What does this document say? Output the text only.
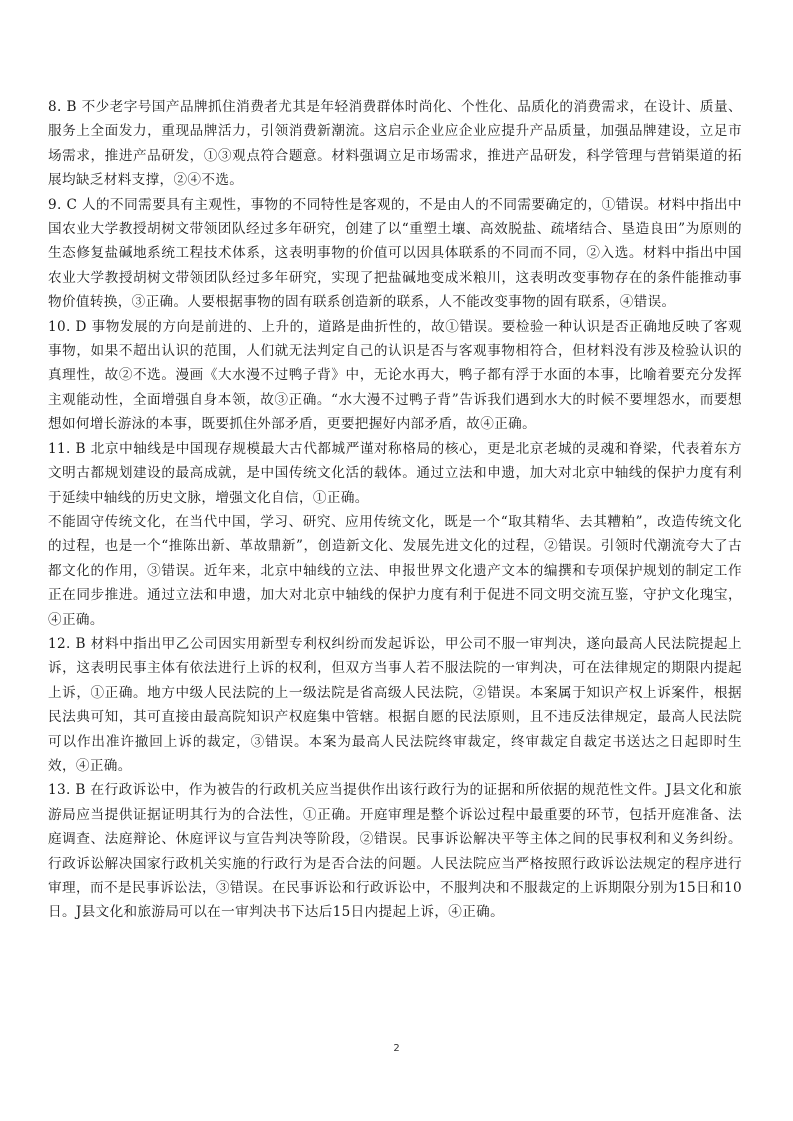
8. B 不少老字号国产品牌抓住消费者尤其是年轻消费群体时尚化、个性化、品质化的消费需求，在设计、质量、服务上全面发力，重现品牌活力，引领消费新潮流。这启示企业应企业应提升产品质量，加强品牌建设，立足市场需求，推进产品研发，①③观点符合题意。材料强调立足市场需求，推进产品研发，科学管理与营销渠道的拓展均缺乏材料支撑，②④不选。

9. C 人的不同需要具有主观性，事物的不同特性是客观的，不是由人的不同需要确定的，①错误。材料中指出中国农业大学教授胡树文带领团队经过多年研究，创建了以“重塑土壤、高效脱盐、疏堵结合、垦造良田”为原则的生态修复盐碱地系统工程技术体系，这表明事物的价值可以因具体联系的不同而不同，②入选。材料中指出中国农业大学教授胡树文带领团队经过多年研究，实现了把盐碱地变成米粮川，这表明改变事物存在的条件能推动事物价值转换，③正确。人要根据事物的固有联系创造新的联系，人不能改变事物的固有联系，④错误。

10. D 事物发展的方向是前进的、上升的，道路是曲折性的，故①错误。要检验一种认识是否正确地反映了客观事物，如果不超出认识的范围，人们就无法判定自己的认识是否与客观事物相符合，但材料没有涉及检验认识的真理性，故②不选。漫画《大水漫不过鸭子背》中，无论水再大，鸭子都有浮于水面的本事，比喻着要充分发挥主观能动性，全面增强自身本领，故③正确。“水大漫不过鸭子背”告诉我们遇到水大的时候不要埋怨水，而要想想如何增长游泳的本事，既要抓住外部矛盾，更要把握好内部矛盾，故④正确。

11. B 北京中轴线是中国现存规模最大古代都城严谨对称格局的核心，更是北京老城的灵魂和脊梁，代表着东方文明古都规划建设的最高成就，是中国传统文化活的载体。通过立法和申遗，加大对北京中轴线的保护力度有利于延续中轴线的历史文脉，增强文化自信，①正确。

不能固守传统文化，在当代中国，学习、研究、应用传统文化，既是一个“取其精华、去其糟粕”，改造传统文化的过程，也是一个“推陈出新、革故鼎新”，创造新文化、发展先进文化的过程，②错误。引领时代潮流夸大了古都文化的作用，③错误。近年来，北京中轴线的立法、申报世界文化遗产文本的编撰和专项保护规划的制定工作正在同步推进。通过立法和申遗，加大对北京中轴线的保护力度有利于促进不同文明交流互鉴，守护文化瑰宝，④正确。

12. B 材料中指出甲乙公司因实用新型专利权纠纷而发起诉讼，甲公司不服一审判决，遂向最高人民法院提起上诉，这表明民事主体有依法进行上诉的权利，但双方当事人若不服法院的一审判决，可在法律规定的期限内提起上诉，①正确。地方中级人民法院的上一级法院是省高级人民法院，②错误。本案属于知识产权上诉案件，根据民法典可知，其可直接由最高院知识产权庭集中管辖。根据自愿的民法原则，且不违反法律规定，最高人民法院可以作出准许撤回上诉的裁定，③错误。本案为最高人民法院终审裁定，终审裁定自裁定书送达之日起即时生效，④正确。

13. B 在行政诉讼中，作为被告的行政机关应当提供作出该行政行为的证据和所依据的规范性文件。J县文化和旅游局应当提供证据证明其行为的合法性，①正确。开庭审理是整个诉讼过程中最重要的环节，包括开庭准备、法庭调查、法庭辩论、休庭评议与宣告判决等阶段，②错误。民事诉讼解决平等主体之间的民事权利和义务纠纷。行政诉讼解决国家行政机关实施的行政行为是否合法的问题。人民法院应当严格按照行政诉讼法规定的程序进行审理，而不是民事诉讼法，③错误。在民事诉讼和行政诉讼中，不服判决和不服裁定的上诉期限分别为15日和10日。J县文化和旅游局可以在一审判决书下达后15日内提起上诉，④正确。

2
